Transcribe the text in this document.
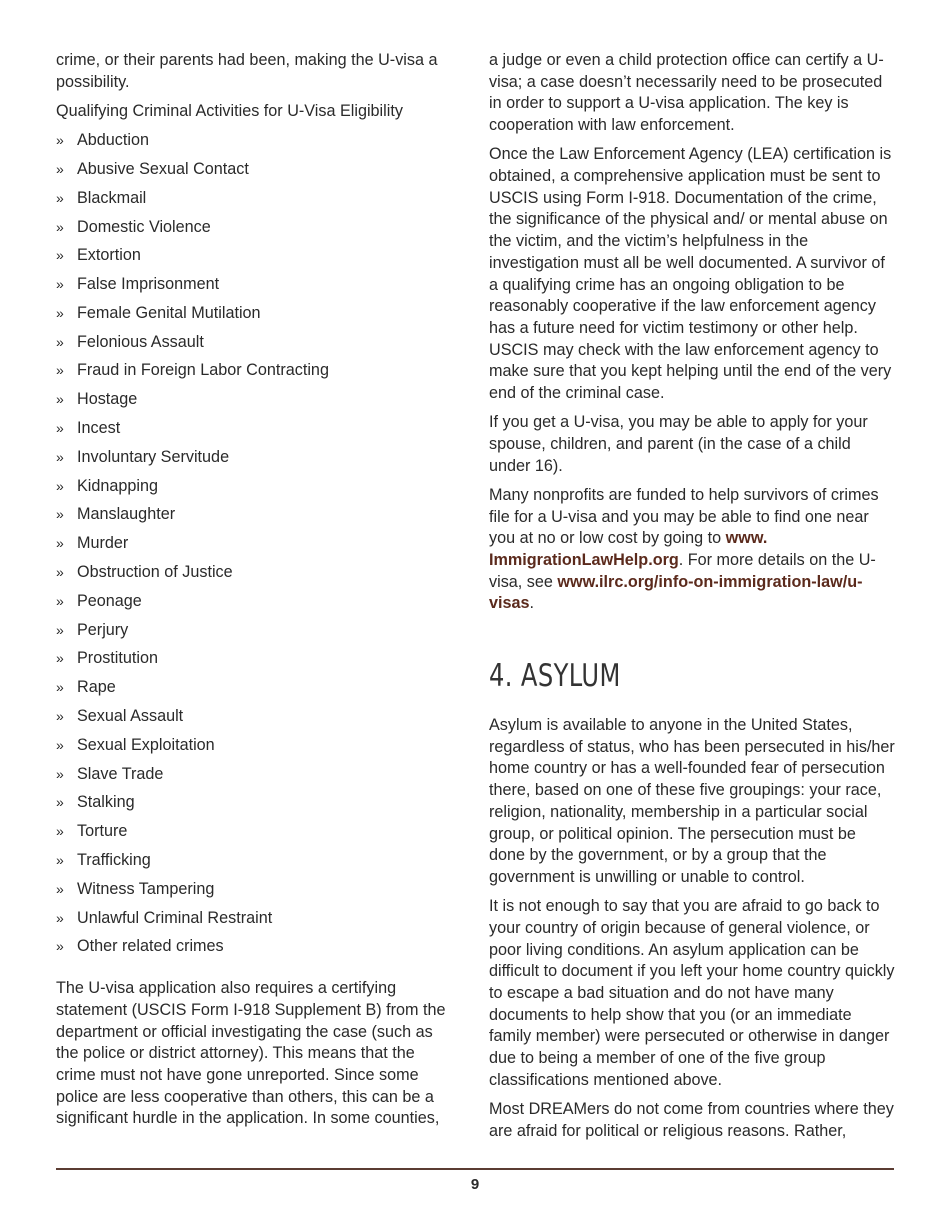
crime, or their parents had been, making the U-visa a possibility.

Qualifying Criminal Activities for U-Visa Eligibility

» Abduction
» Abusive Sexual Contact
» Blackmail
» Domestic Violence
» Extortion
» False Imprisonment
» Female Genital Mutilation
» Felonious Assault
» Fraud in Foreign Labor Contracting
» Hostage
» Incest
» Involuntary Servitude
» Kidnapping
» Manslaughter
» Murder
» Obstruction of Justice
» Peonage
» Perjury
» Prostitution
» Rape
» Sexual Assault
» Sexual Exploitation
» Slave Trade
» Stalking
» Torture
» Trafficking
» Witness Tampering
» Unlawful Criminal Restraint
» Other related crimes

The U-visa application also requires a certifying statement (USCIS Form I-918 Supplement B) from the department or official investigating the case (such as the police or district attorney). This means that the crime must not have gone unreported. Since some police are less cooperative than others, this can be a significant hurdle in the application. In some counties,

a judge or even a child protection office can certify a U-visa; a case doesn’t necessarily need to be prosecuted in order to support a U-visa application. The key is cooperation with law enforcement.

Once the Law Enforcement Agency (LEA) certification is obtained, a comprehensive application must be sent to USCIS using Form I-918. Documentation of the crime, the significance of the physical and/ or mental abuse on the victim, and the victim’s helpfulness in the investigation must all be well documented. A survivor of a qualifying crime has an ongoing obligation to be reasonably cooperative if the law enforcement agency has a future need for victim testimony or other help. USCIS may check with the law enforcement agency to make sure that you kept helping until the end of the very end of the criminal case.

If you get a U-visa, you may be able to apply for your spouse, children, and parent (in the case of a child under 16).

Many nonprofits are funded to help survivors of crimes file for a U-visa and you may be able to find one near you at no or low cost by going to www. ImmigrationLawHelp.org. For more details on the U-visa, see www.ilrc.org/info-on-immigration-law/u-visas.

4. ASYLUM

Asylum is available to anyone in the United States, regardless of status, who has been persecuted in his/her home country or has a well-founded fear of persecution there, based on one of these five groupings: your race, religion, nationality, membership in a particular social group, or political opinion. The persecution must be done by the government, or by a group that the government is unwilling or unable to control.

It is not enough to say that you are afraid to go back to your country of origin because of general violence, or poor living conditions. An asylum application can be difficult to document if you left your home country quickly to escape a bad situation and do not have many documents to help show that you (or an immediate family member) were persecuted or otherwise in danger due to being a member of one of the five group classifications mentioned above.

Most DREAMers do not come from countries where they are afraid for political or religious reasons. Rather,

9
